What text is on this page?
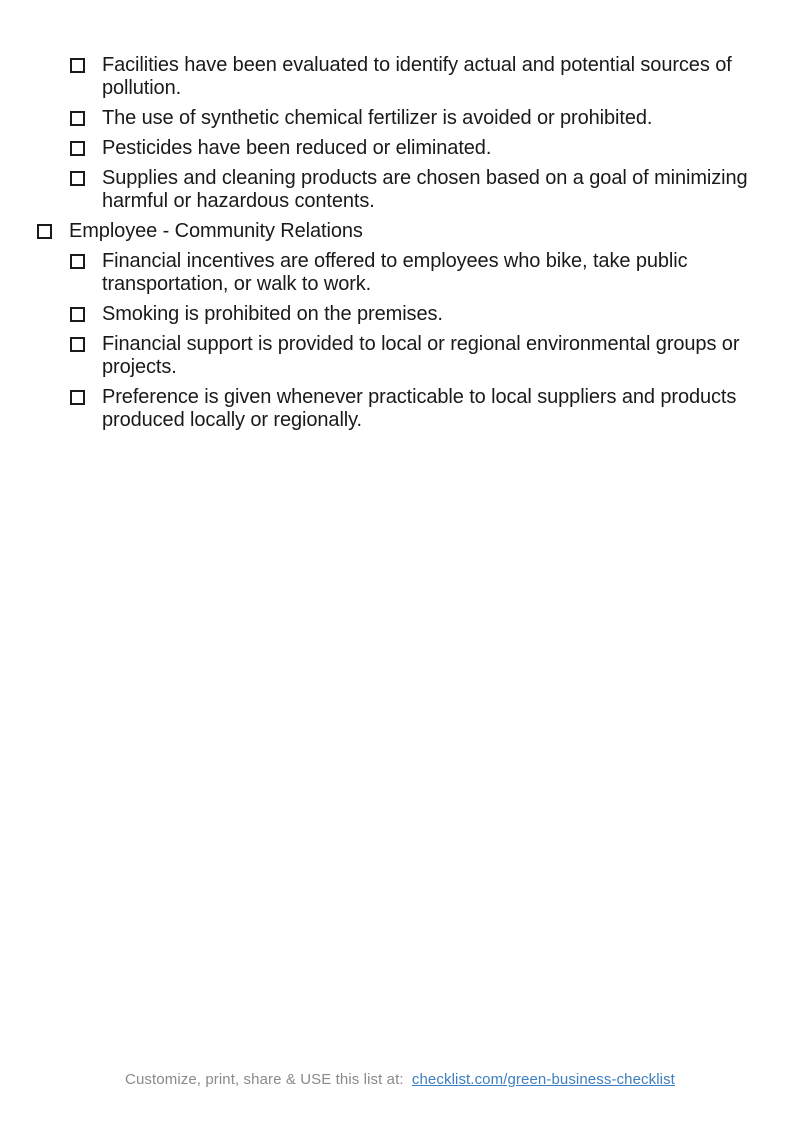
Facilities have been evaluated to identify actual and potential sources of pollution.
The use of synthetic chemical fertilizer is avoided or prohibited.
Pesticides have been reduced or eliminated.
Supplies and cleaning products are chosen based on a goal of minimizing harmful or hazardous contents.
Employee - Community Relations
Financial incentives are offered to employees who bike, take public transportation, or walk to work.
Smoking is prohibited on the premises.
Financial support is provided to local or regional environmental groups or projects.
Preference is given whenever practicable to local suppliers and products produced locally or regionally.
Customize, print, share & USE this list at: checklist.com/green-business-checklist
